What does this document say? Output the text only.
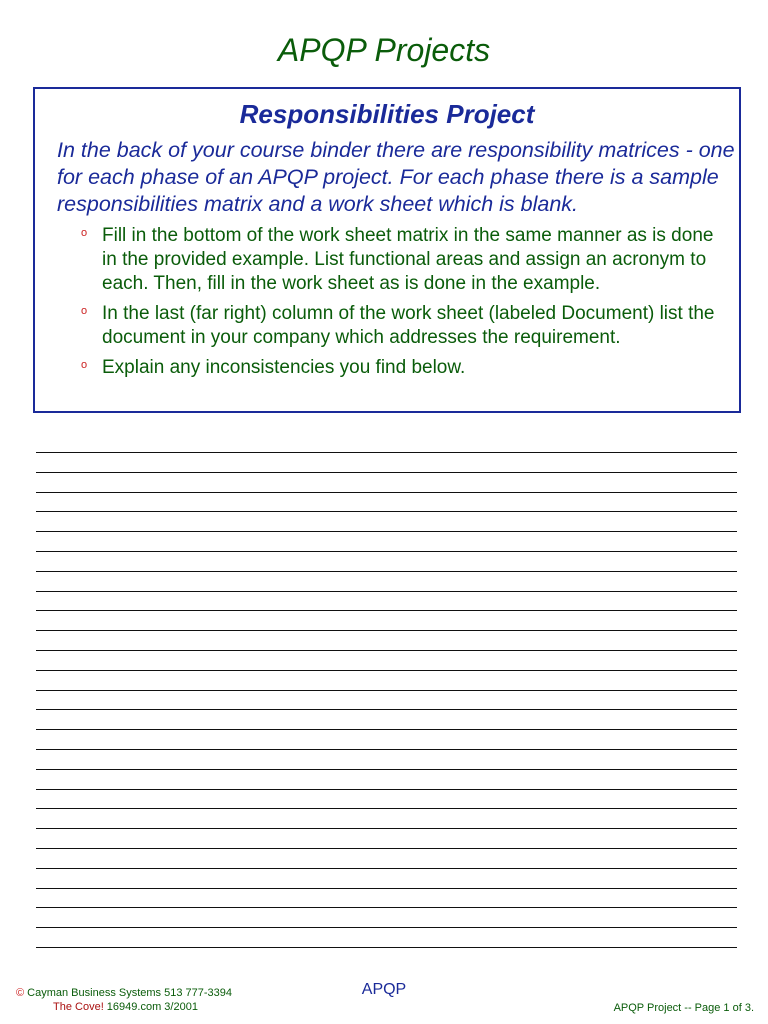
APQP Projects
Responsibilities Project

In the back of your course binder there are responsibility matrices - one for each phase of an APQP project. For each phase there is a sample responsibilities matrix and a work sheet which is blank.

o Fill in the bottom of the work sheet matrix in the same manner as is done in the provided example. List functional areas and assign an acronym to each. Then, fill in the work sheet as is done in the example.
o In the last (far right) column of the work sheet (labeled Document) list the document in your company which addresses the requirement.
o Explain any inconsistencies you find below.
© Cayman Business Systems 513 777-3394
The Cove! 16949.com 3/2001
APQP
APQP Project -- Page 1 of 3.
